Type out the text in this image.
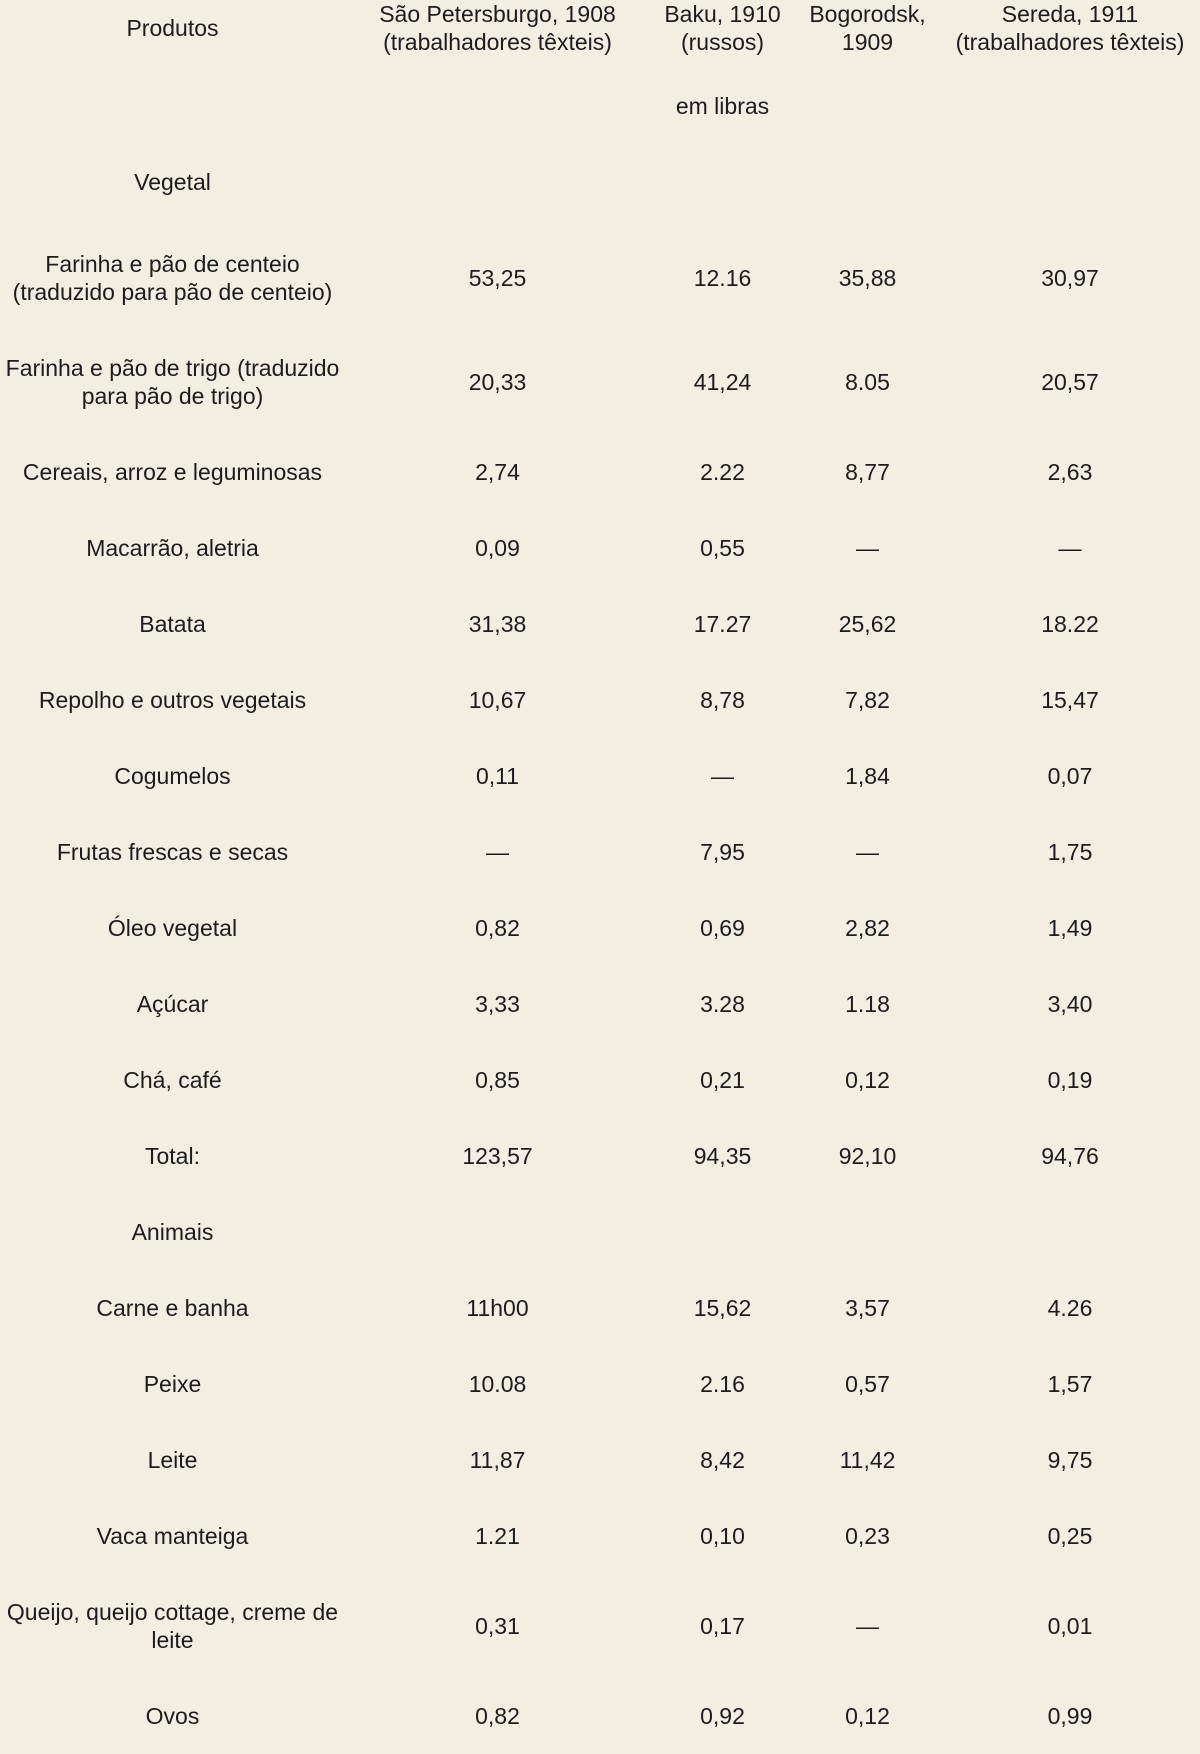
Produtos	São Petersburgo, 1908 (trabalhadores têxteis)	Baku, 1910 (russos)	Bogorodsk, 1909	Sereda, 1911 (trabalhadores têxteis)
	em libras			
Vegetal				
Farinha e pão de centeio (traduzido para pão de centeio)	53,25	12.16	35,88	30,97
Farinha e pão de trigo (traduzido para pão de trigo)	20,33	41,24	8.05	20,57
Cereais, arroz e leguminosas	2,74	2.22	8,77	2,63
Macarrão, aletria	0,09	0,55	—	—
Batata	31,38	17.27	25,62	18.22
Repolho e outros vegetais	10,67	8,78	7,82	15,47
Cogumelos	0,11	—	1,84	0,07
Frutas frescas e secas	—	7,95	—	1,75
Óleo vegetal	0,82	0,69	2,82	1,49
Açúcar	3,33	3.28	1.18	3,40
Chá, café	0,85	0,21	0,12	0,19
Total:	123,57	94,35	92,10	94,76
Animais				
Carne e banha	11h00	15,62	3,57	4.26
Peixe	10.08	2.16	0,57	1,57
Leite	11,87	8,42	11,42	9,75
Vaca manteiga	1.21	0,10	0,23	0,25
Queijo, queijo cottage, creme de leite	0,31	0,17	—	0,01
Ovos	0,82	0,92	0,12	0,99
